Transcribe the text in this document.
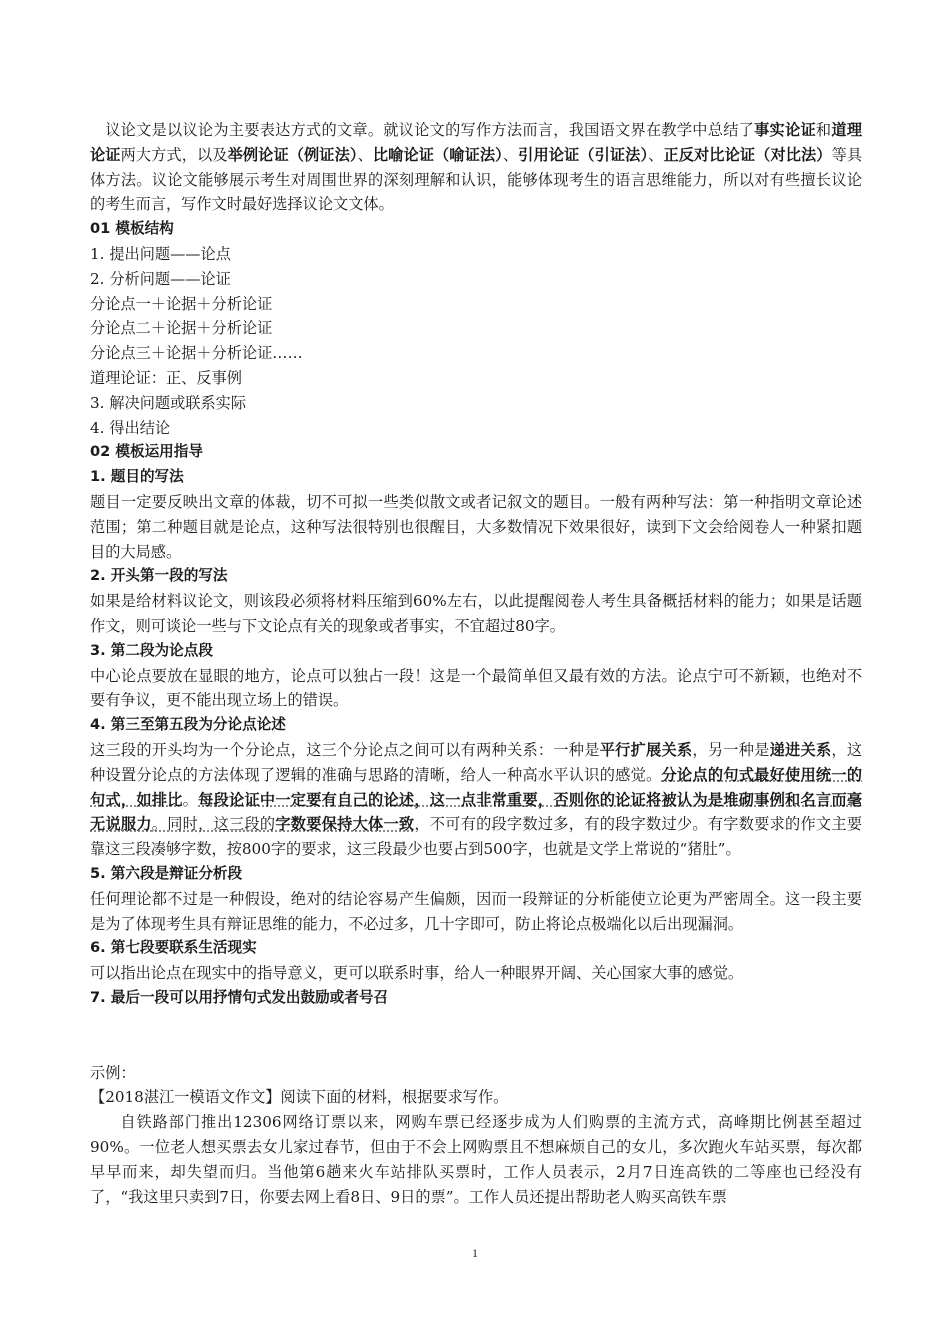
议论文是以议论为主要表达方式的文章。就议论文的写作方法而言，我国语文界在教学中总结了事实论证和道理论证两大方式，以及举例论证（例证法）、比喻论证（喻证法）、引用论证（引证法）、正反对比论证（对比法）等具体方法。议论文能够展示考生对周围世界的深刻理解和认识，能够体现考生的语言思维能力，所以对有些擅长议论的考生而言，写作文时最好选择议论文文体。

01 模板结构

1. 提出问题——论点

2. 分析问题——论证

分论点一＋论据＋分析论证

分论点二＋论据＋分析论证

分论点三＋论据＋分析论证……

道理论证：正、反事例

3. 解决问题或联系实际

4. 得出结论

02 模板运用指导

1. 题目的写法

题目一定要反映出文章的体裁，切不可拟一些类似散文或者记叙文的题目。一般有两种写法：第一种指明文章论述范围；第二种题目就是论点，这种写法很特别也很醒目，大多数情况下效果很好，读到下文会给阅卷人一种紧扣题目的大局感。

2. 开头第一段的写法

如果是给材料议论文，则该段必须将材料压缩到60%左右，以此提醒阅卷人考生具备概括材料的能力；如果是话题作文，则可谈论一些与下文论点有关的现象或者事实，不宜超过80字。

3. 第二段为论点段

中心论点要放在显眼的地方，论点可以独占一段！这是一个最简单但又最有效的方法。论点宁可不新颖，也绝对不要有争议，更不能出现立场上的错误。

4. 第三至第五段为分论点论述

这三段的开头均为一个分论点，这三个分论点之间可以有两种关系：一种是平行扩展关系，另一种是递进关系，这种设置分论点的方法体现了逻辑的准确与思路的清晰，给人一种高水平认识的感觉。分论点的句式最好使用统一的句式，如排比。每段论证中一定要有自己的论述，这一点非常重要，否则你的论证将被认为是堆砌事例和名言而毫无说服力。同时，这三段的字数要保持大体一致，不可有的段字数过多，有的段字数过少。有字数要求的作文主要靠这三段凑够字数，按800字的要求，这三段最少也要占到500字，也就是文学上常说的“猪肚”。

5. 第六段是辩证分析段

任何理论都不过是一种假设，绝对的结论容易产生偏颇，因而一段辩证的分析能使立论更为严密周全。这一段主要是为了体现考生具有辩证思维的能力，不必过多，几十字即可，防止将论点极端化以后出现漏洞。

6. 第七段要联系生活现实

可以指出论点在现实中的指导意义，更可以联系时事，给人一种眼界开阔、关心国家大事的感觉。

7. 最后一段可以用抒情句式发出鼓励或者号召

示例：

【2018湛江一模语文作文】阅读下面的材料，根据要求写作。

自铁路部门推出12306网络订票以来，网购车票已经逐步成为人们购票的主流方式，高峰期比例甚至超过90%。一位老人想买票去女儿家过春节，但由于不会上网购票且不想麻烦自己的女儿，多次跑火车站买票，每次都早早而来，却失望而归。当他第6趟来火车站排队买票时，工作人员表示，2月7日连高铁的二等座也已经没有了，“我这里只卖到7日，你要去网上看8日、9日的票”。工作人员还提出帮助老人购买高铁车票

1
